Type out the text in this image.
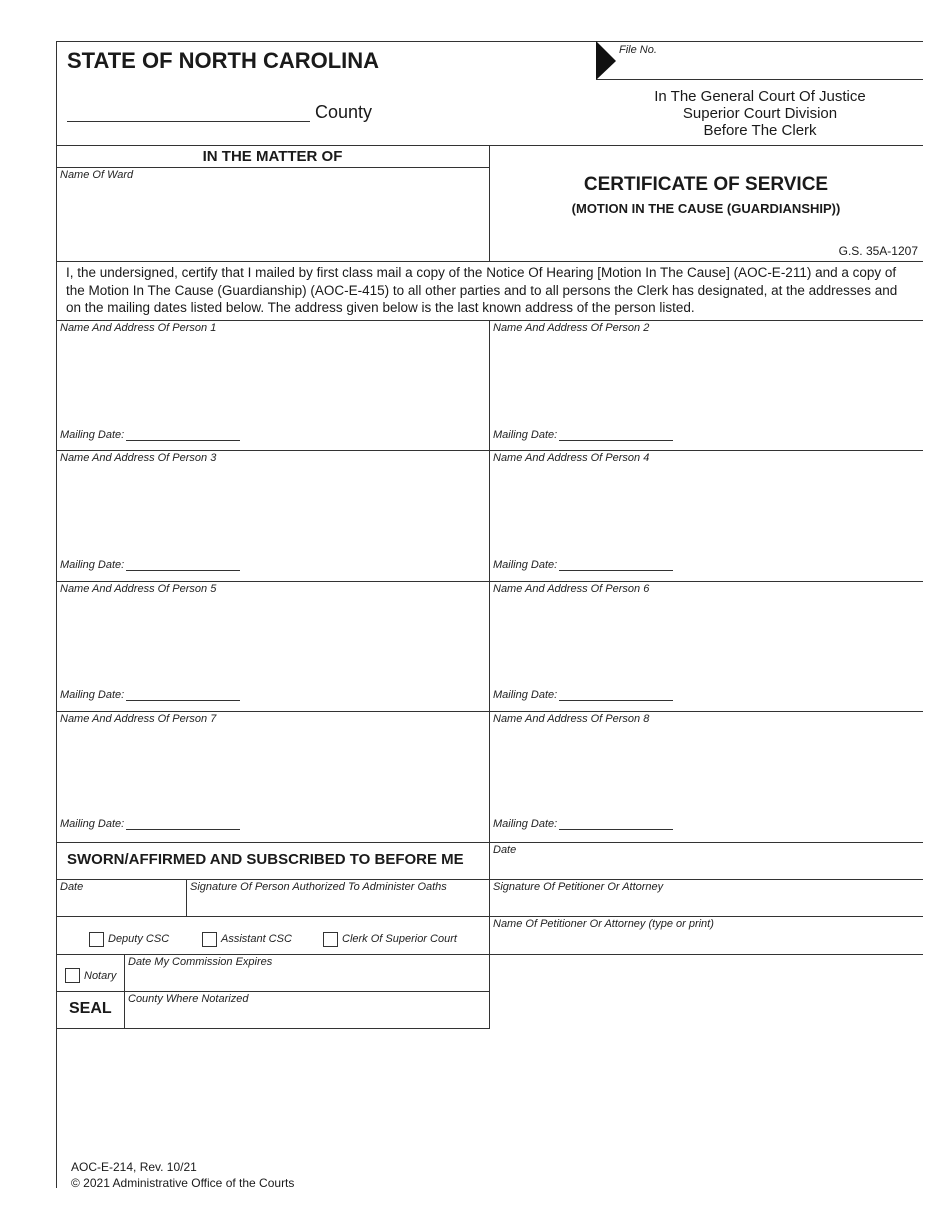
STATE OF NORTH CAROLINA
County
File No.
In The General Court Of Justice
Superior Court Division
Before The Clerk
IN THE MATTER OF
Name Of Ward	CERTIFICATE OF SERVICE
(MOTION IN THE CAUSE (GUARDIANSHIP))
G.S. 35A-1207
I, the undersigned, certify that I mailed by first class mail a copy of the Notice Of Hearing [Motion In The Cause] (AOC-E-211) and a copy of the Motion In The Cause (Guardianship) (AOC-E-415) to all other parties and to all persons the Clerk has designated, at the addresses and on the mailing dates listed below. The address given below is the last known address of the person listed.
Name And Address Of Person 1
Mailing Date:
Name And Address Of Person 2
Mailing Date:
Name And Address Of Person 3
Mailing Date:
Name And Address Of Person 4
Mailing Date:
Name And Address Of Person 5
Mailing Date:
Name And Address Of Person 6
Mailing Date:
Name And Address Of Person 7
Mailing Date:
Name And Address Of Person 8
Mailing Date:
SWORN/AFFIRMED AND SUBSCRIBED TO BEFORE ME
Date
Date	Signature Of Person Authorized To Administer Oaths	Signature Of Petitioner Or Attorney
Deputy CSC	Assistant CSC	Clerk Of Superior Court
Name Of Petitioner Or Attorney (type or print)
Notary
Date My Commission Expires
SEAL
County Where Notarized
AOC-E-214, Rev. 10/21
© 2021 Administrative Office of the Courts
